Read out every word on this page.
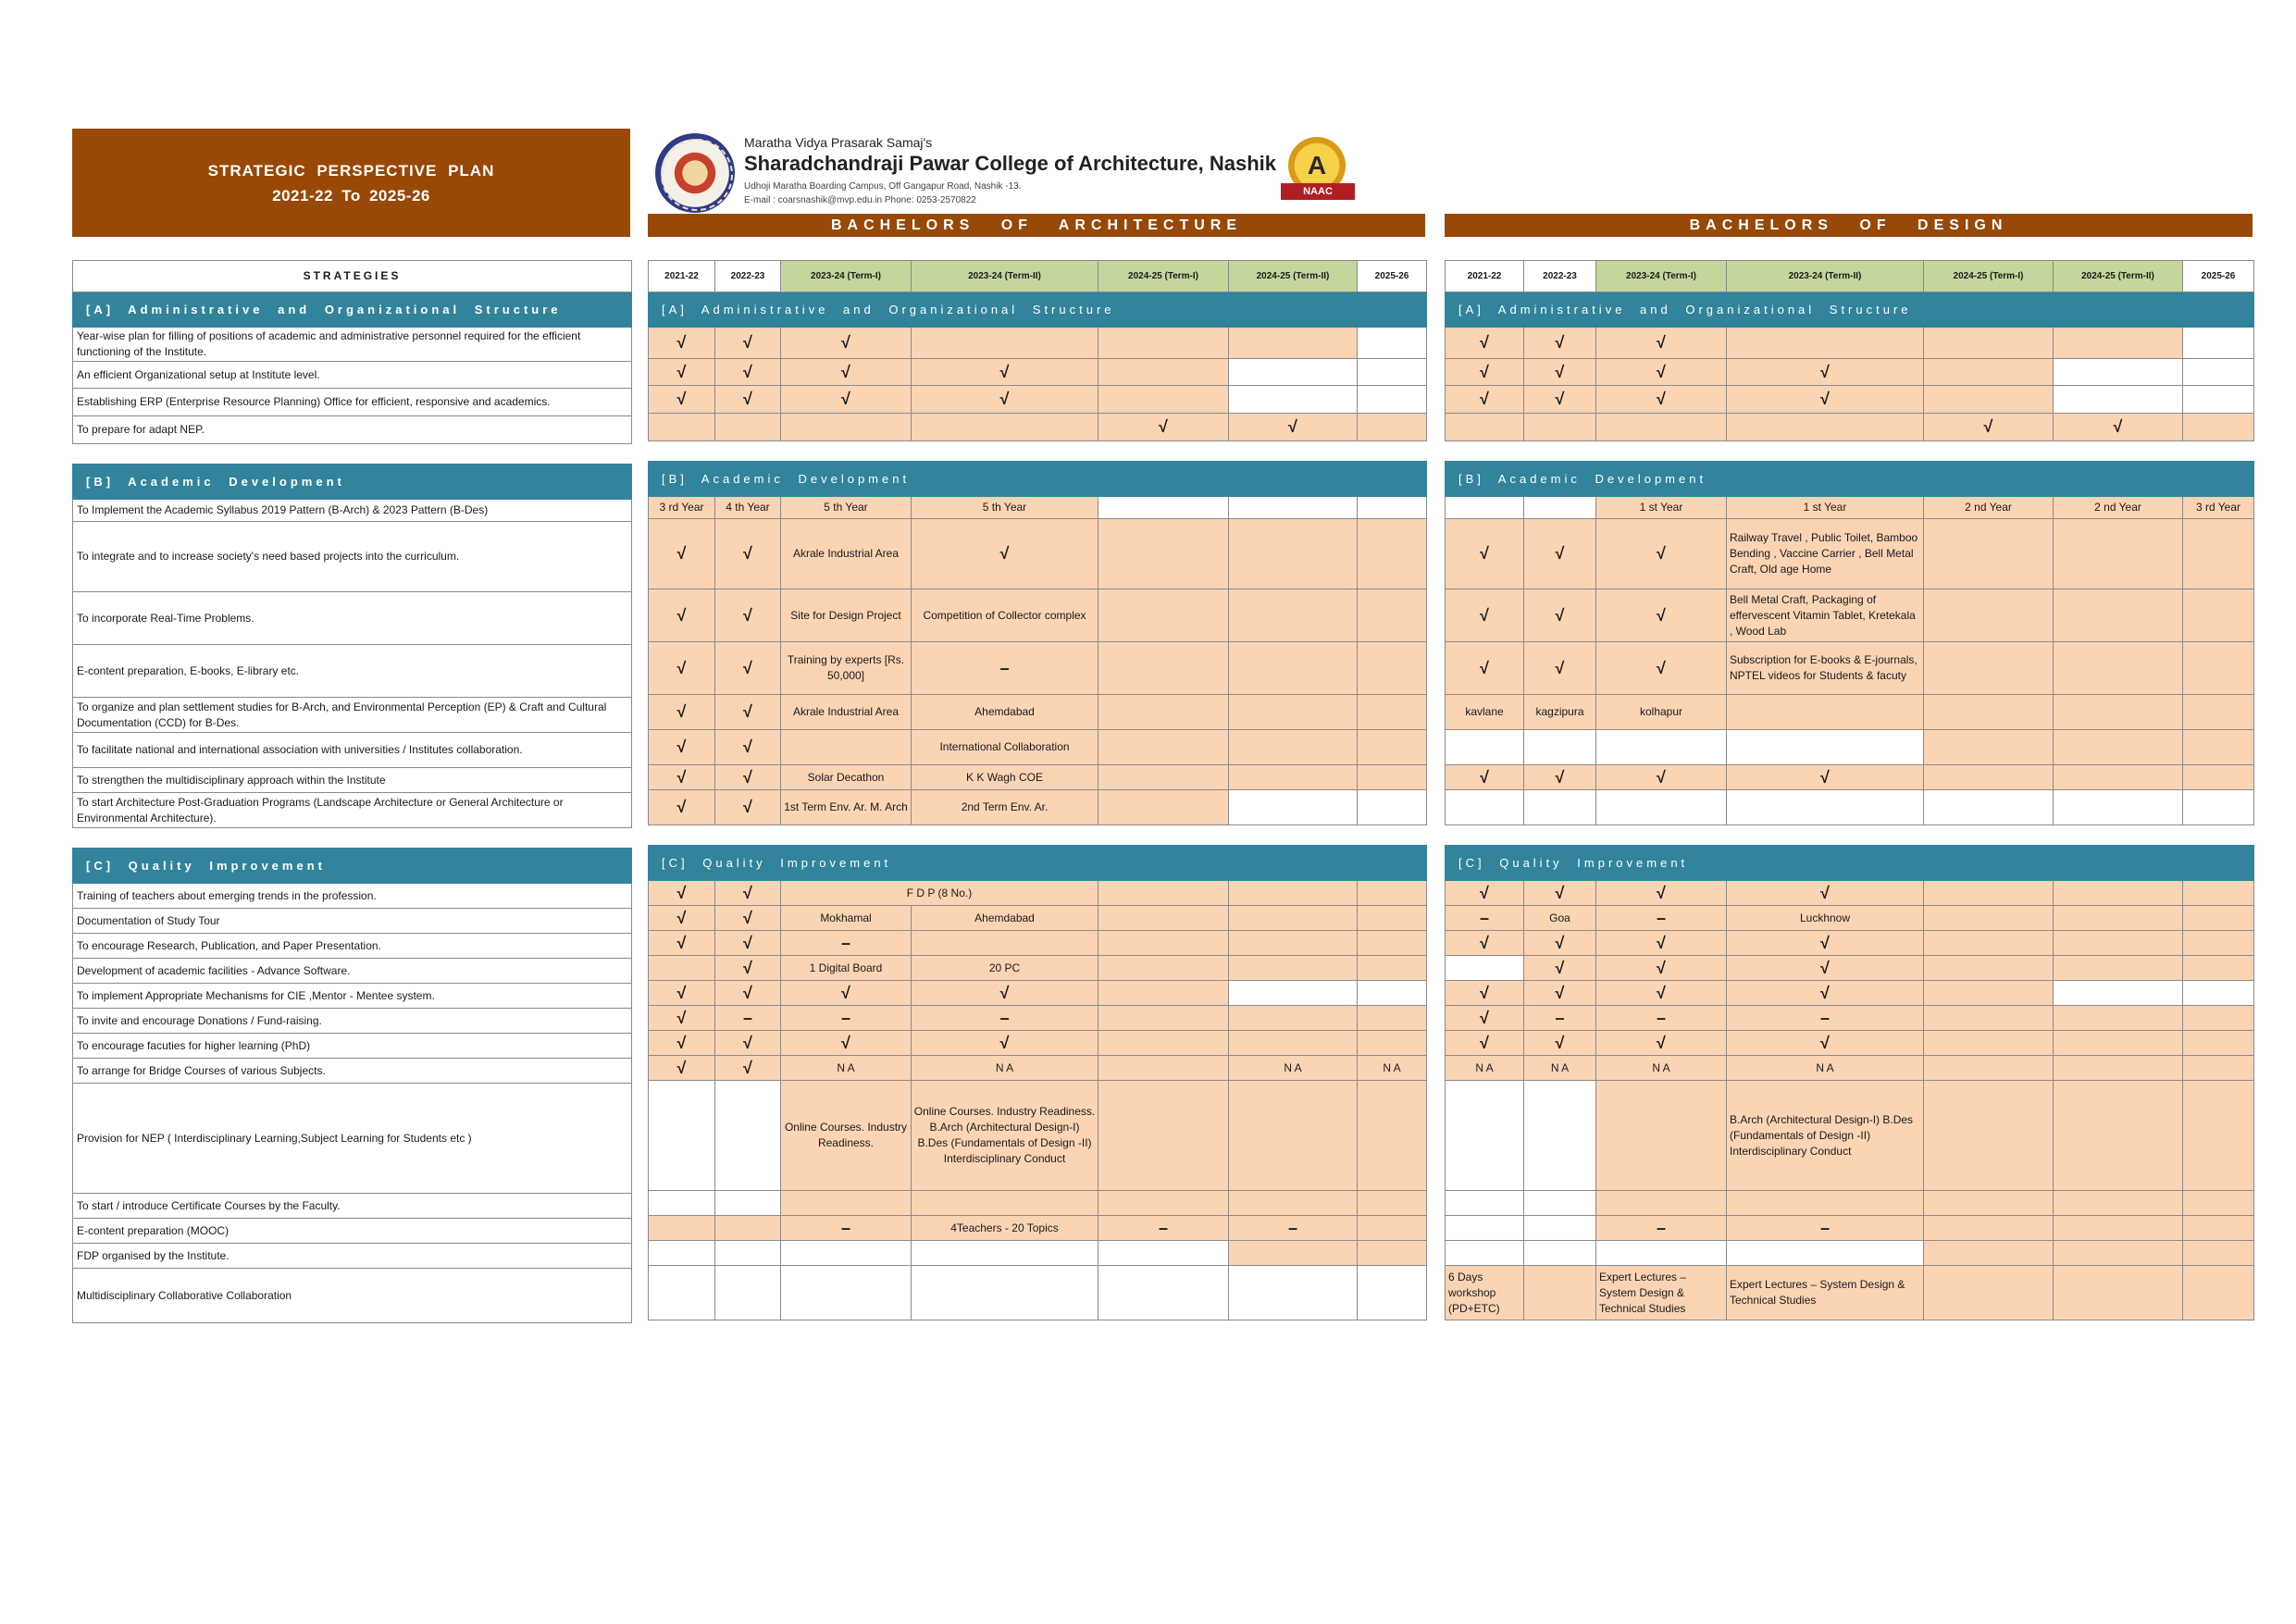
STRATEGIC PERSPECTIVE PLAN
2021-22 To 2025-26
Maratha Vidya Prasarak Samaj's
Sharadchandraji Pawar College of Architecture, Nashik
Udhoji Maratha Boarding Campus, Off Gangapur Road, Nashik -13.
E-mail : coarsnashik@mvp.edu.in Phone: 0253-2570822
A
NAAC
BACHELORS OF ARCHITECTURE	BACHELORS OF DESIGN
STRATEGIES
[A] Administrative and Organizational Structure
Year-wise plan for filling of positions of academic and administrative personnel required for the efficient functioning of the Institute.
An efficient Organizational setup at Institute level.
Establishing ERP (Enterprise Resource Planning) Office for efficient, responsive and academics.
To prepare for adapt NEP.

[B] Academic Development
To Implement the Academic Syllabus 2019 Pattern (B-Arch) & 2023 Pattern (B-Des)
To integrate and to increase society's need based projects into the curriculum.
To incorporate Real-Time Problems.
E-content preparation, E-books, E-library etc.
To organize and plan settlement studies for B-Arch, and Environmental Perception (EP) & Craft and Cultural Documentation (CCD) for B-Des.
To facilitate national and international association with universities / Institutes collaboration.
To strengthen the multidisciplinary approach within the Institute
To start Architecture Post-Graduation Programs (Landscape Architecture or General Architecture or Environmental Architecture).

[C] Quality Improvement
Training of teachers about emerging trends in the profession.
Documentation of Study Tour
To encourage Research, Publication, and Paper Presentation.
Development of academic facilities - Advance Software.
To implement Appropriate Mechanisms for CIE ,Mentor - Mentee system.
To invite and encourage Donations / Fund-raising.
To encourage facuties for higher learning (PhD)
To arrange for Bridge Courses of various Subjects.
Provision for NEP ( Interdisciplinary Learning,Subject Learning for Students etc )
To start / introduce Certificate Courses by the Faculty.
E-content preparation (MOOC)
FDP organised by the Institute.
Multidisciplinary Collaborative Collaboration
2021-22	2022-23	2023-24 (Term-I)	2023-24 (Term-II)	2024-25 (Term-I)	2024-25 (Term-II)	2025-26
[A] Administrative and Organizational Structure						
√	√	√				
√	√	√	√			
√	√	√	√			
				√	√	

[B] Academic Development						
3 rd Year	4 th Year	5 th Year	5 th Year			
√	√	Akrale Industrial Area	√			
√	√	Site for Design Project	Competition of Collector complex			
√	√	Training by experts [Rs. 50,000]	–			
√	√	Akrale Industrial Area	Ahemdabad			
√	√		International Collaboration			
√	√	Solar Decathon	K K Wagh COE			
√	√	1st Term Env. Ar. M. Arch	2nd Term Env. Ar.			

[C] Quality Improvement						
√	√	F D P (8 No.)				
√	√	Mokhamal	Ahemdabad			
√	√	–				
	√	1 Digital Board	20 PC			
√	√	√	√			
√	–	–	–			
√	√	√	√			
√	√	N A	N A		N A	N A
		Online Courses. Industry Readiness.	Online Courses. Industry Readiness. B.Arch (Architectural Design-I) B.Des (Fundamentals of Design -II) Interdisciplinary Conduct			

		–	4Teachers - 20 Topics	–	–	

2021-22	2022-23	2023-24 (Term-I)	2023-24 (Term-II)	2024-25 (Term-I)	2024-25 (Term-II)	2025-26
[A] Administrative and Organizational Structure						
√	√	√				
√	√	√	√			
√	√	√	√			
				√	√	

[B] Academic Development						
		1 st Year	1 st Year	2 nd Year	2 nd Year	3 rd Year
√	√	√	Railway Travel , Public Toilet, Bamboo Bending , Vaccine Carrier , Bell Metal Craft, Old age Home			
√	√	√	Bell Metal Craft, Packaging of effervescent Vitamin Tablet, Kretekala , Wood Lab			
√	√	√	Subscription for E-books & E-journals, NPTEL videos for Students & facuty			
kavlane	kagzipura	kolhapur				

√	√	√	√			

[C] Quality Improvement						
√	√	√	√			
–	Goa	–	Luckhnow			
√	√	√	√			
	√	√	√			
√	√	√	√			
√	–	–	–			
√	√	√	√			
N A	N A	N A	N A			
			B.Arch (Architectural Design-I) B.Des (Fundamentals of Design -II) Interdisciplinary Conduct			

		–	–			

6 Days workshop (PD+ETC)		Expert Lectures – System Design & Technical Studies	Expert Lectures – System Design & Technical Studies			
